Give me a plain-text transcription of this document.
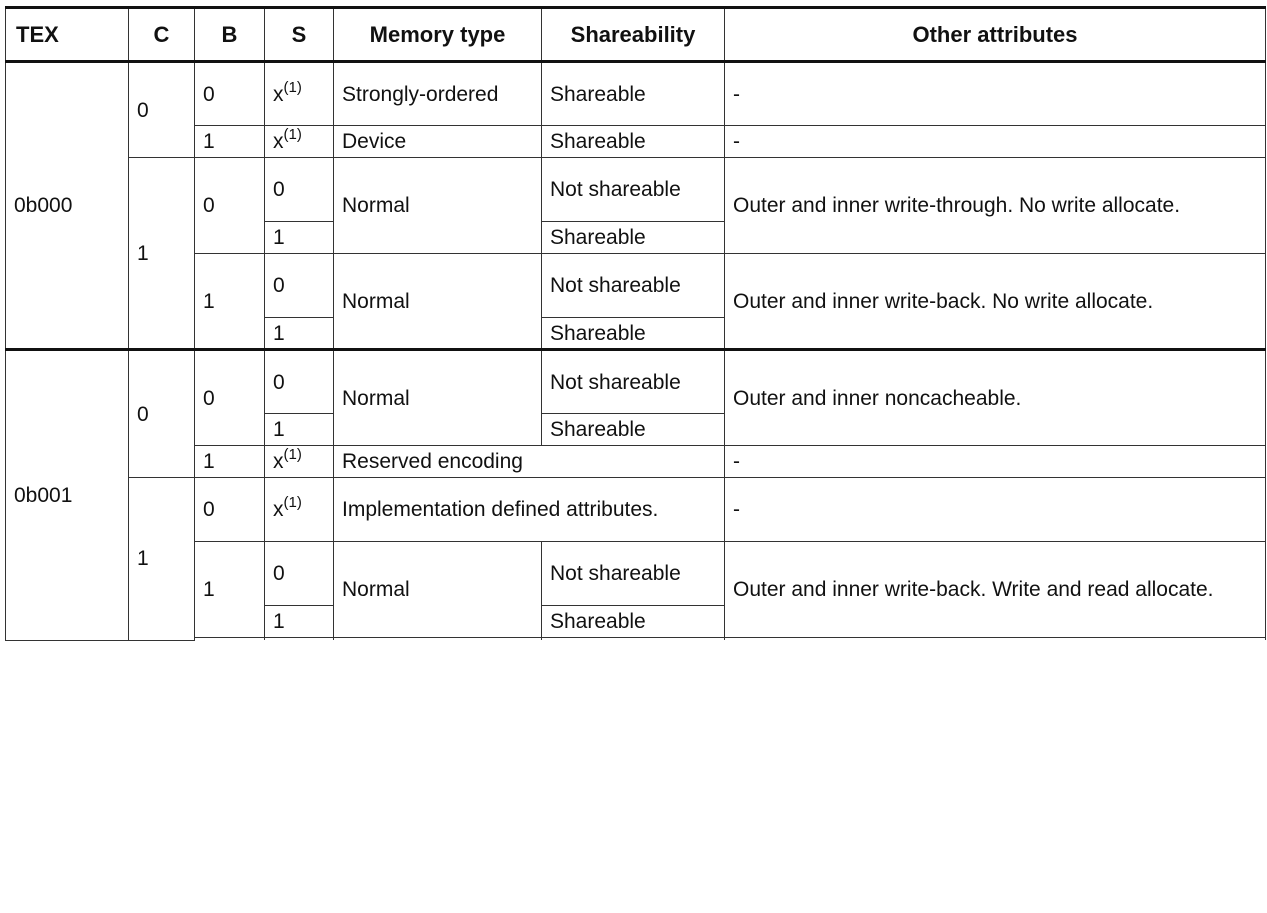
TEX	C	B	S	Memory type	Shareability	Other attributes	
0b000	0	0	$x^{(1)}$	Strongly-ordered	Shareable	-	
		1	$x^{(1)}$	Device	Shareable	-	
	1	0	0	Normal	Not shareable	Outer and inner write-through. No write allocate.	
			1		Shareable		
		1	0	Normal	Not shareable	Outer and inner write-back. No write allocate.	
			1		Shareable		
0b001	0	0	0	Normal	Not shareable	Outer and inner noncacheable.	
			1		Shareable		
		1	$x^{(1)}$	Reserved encoding		-	
	1	0	$x^{(1)}$	Implementation defined attributes.		-	
		1	0	Normal	Not shareable	Outer and inner write-back. Write and read allocate.	
			1		Shareable		
